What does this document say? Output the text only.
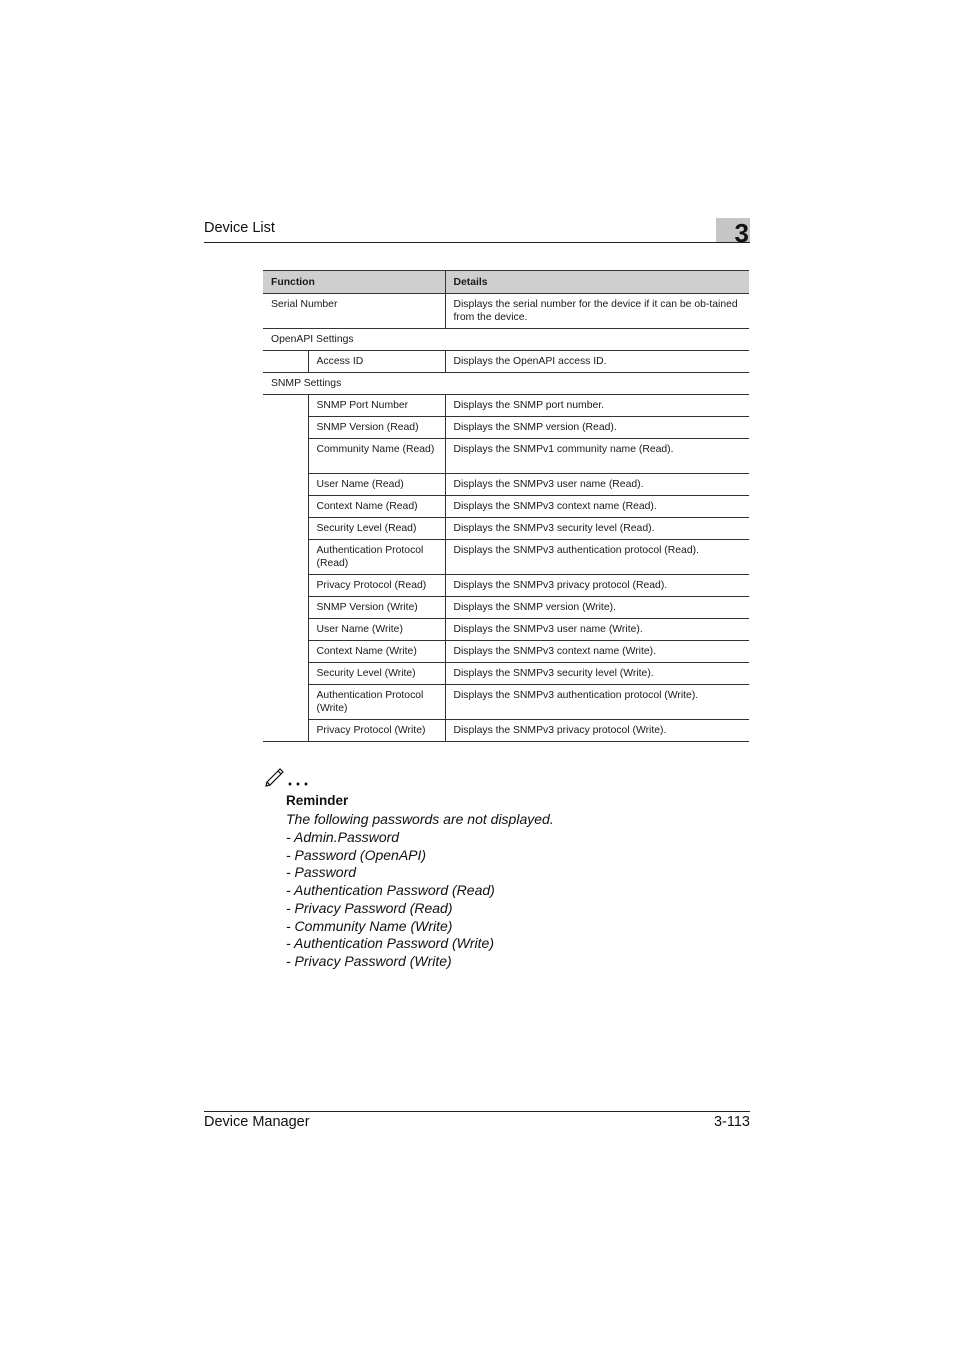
Device List	3
Function		Details
Serial Number		Displays the serial number for the device if it can be ob-tained from the device.
OpenAPI Settings		
	Access ID	Displays the OpenAPI access ID.
SNMP Settings		
	SNMP Port Number	Displays the SNMP port number.
	SNMP Version (Read)	Displays the SNMP version (Read).
	Community Name (Read)	Displays the SNMPv1 community name (Read).
	User Name (Read)	Displays the SNMPv3 user name (Read).
	Context Name (Read)	Displays the SNMPv3 context name (Read).
	Security Level (Read)	Displays the SNMPv3 security level (Read).
	Authentication Protocol (Read)	Displays the SNMPv3 authentication protocol (Read).
	Privacy Protocol (Read)	Displays the SNMPv3 privacy protocol (Read).
	SNMP Version (Write)	Displays the SNMP version (Write).
	User Name (Write)	Displays the SNMPv3 user name (Write).
	Context Name (Write)	Displays the SNMPv3 context name (Write).
	Security Level (Write)	Displays the SNMPv3 security level (Write).
	Authentication Protocol (Write)	Displays the SNMPv3 authentication protocol (Write).
	Privacy Protocol (Write)	Displays the SNMPv3 privacy protocol (Write).
Reminder
The following passwords are not displayed.
- Admin.Password
- Password (OpenAPI)
- Password
- Authentication Password (Read)
- Privacy Password (Read)
- Community Name (Write)
- Authentication Password (Write)
- Privacy Password (Write)
Device Manager	3-113
